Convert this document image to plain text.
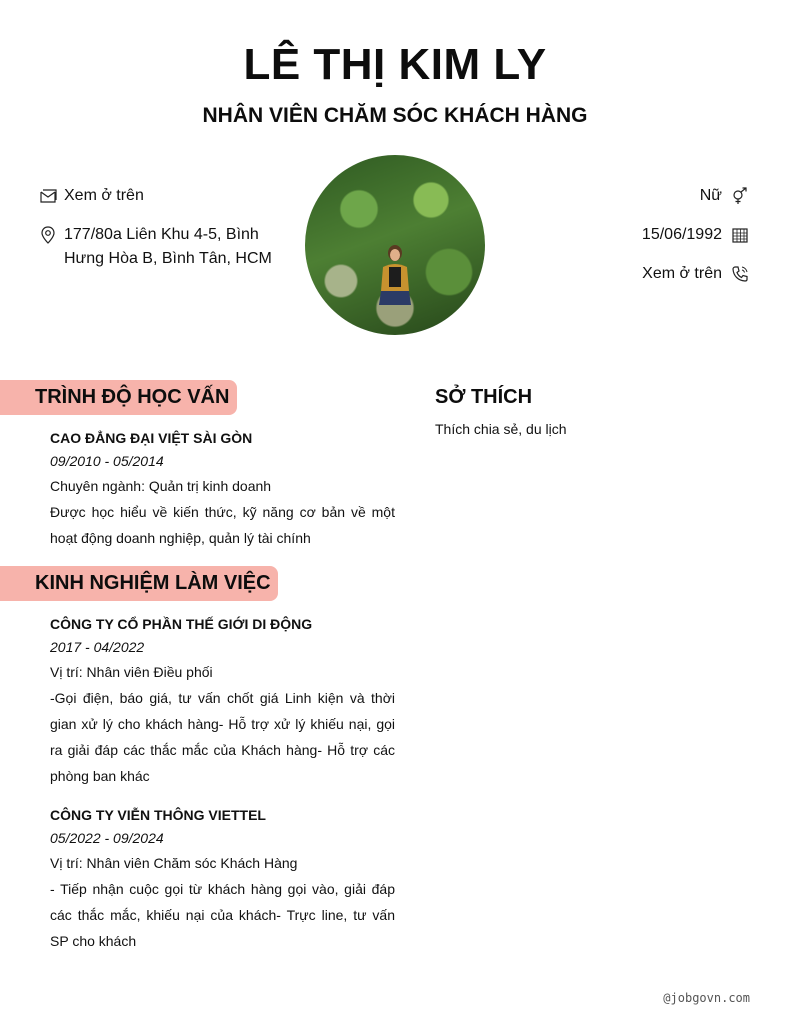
LÊ THỊ KIM LY
NHÂN VIÊN CHĂM SÓC KHÁCH HÀNG
Xem ở trên
177/80a Liên Khu 4-5, Bình Hưng Hòa B, Bình Tân, HCM
Nữ
15/06/1992
Xem ở trên
TRÌNH ĐỘ HỌC VẤN
CAO ĐẲNG ĐẠI VIỆT SÀI GÒN
09/2010 - 05/2014
Chuyên ngành: Quản trị kinh doanh
Được học hiểu về kiến thức, kỹ năng cơ bản về một hoạt động doanh nghiệp, quản lý tài chính
KINH NGHIỆM LÀM VIỆC
CÔNG TY CỔ PHẦN THẾ GIỚI DI ĐỘNG
2017 - 04/2022
Vị trí: Nhân viên Điều phối
-Gọi điện, báo giá, tư vấn chốt giá Linh kiện và thời gian xử lý cho khách hàng- Hỗ trợ xử lý khiếu nại, gọi ra giải đáp các thắc mắc của Khách hàng- Hỗ trợ các phòng ban khác
CÔNG TY VIỄN THÔNG VIETTEL
05/2022 - 09/2024
Vị trí: Nhân viên Chăm sóc Khách Hàng
- Tiếp nhận cuộc gọi từ khách hàng gọi vào, giải đáp các thắc mắc, khiếu nại của khách- Trực line, tư vấn SP cho khách
SỞ THÍCH
Thích chia sẻ, du lịch
@jobgovn.com
